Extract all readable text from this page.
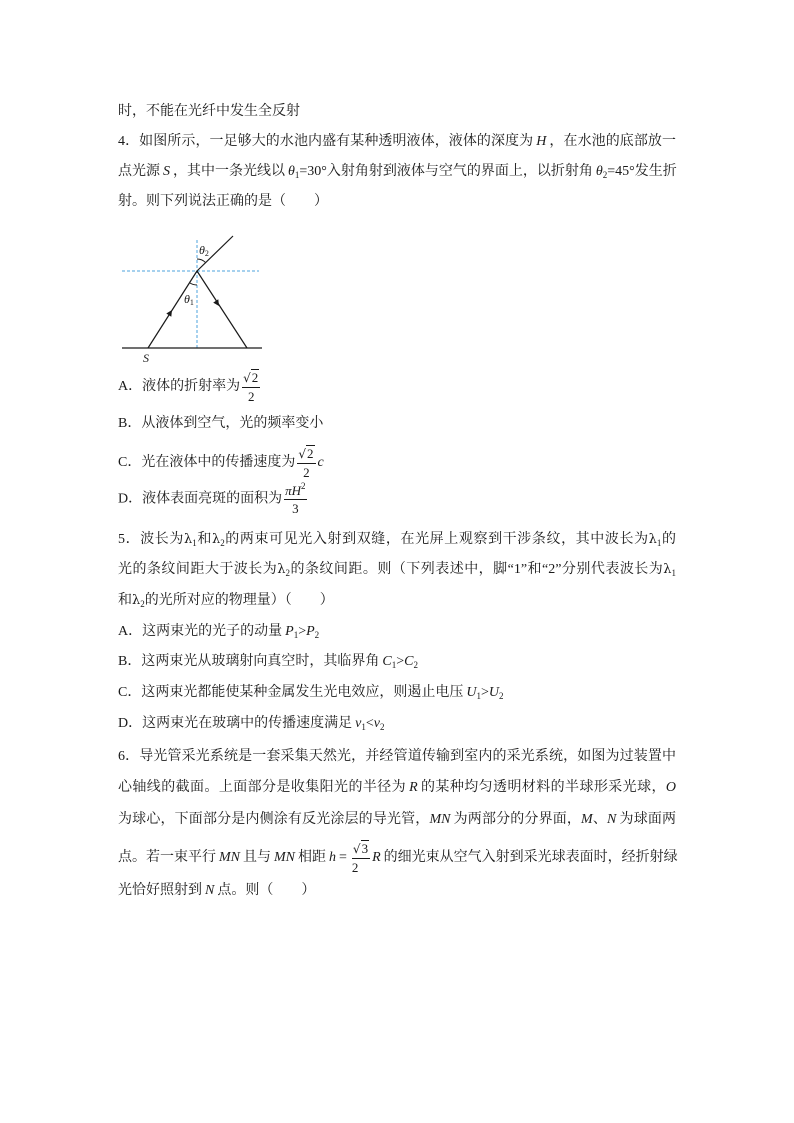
时，不能在光纤中发生全反射
4．如图所示，一足够大的水池内盛有某种透明液体，液体的深度为 H ，在水池的底部放一
点光源 S ，其中一条光线以 $\theta_1=30^\circ$入射角射到液体与空气的界面上，以折射角 $\theta_2=45^\circ$发生折
射。则下列说法正确的是（　　）
θ2
θ1
S
A．液体的折射率为 $\frac{√2}{2}$
B．从液体到空气，光的频率变小
C．光在液体中的传播速度为 $\frac{√2}{2}$ c
D．液体表面亮斑的面积为 $\frac{\pi H^2}{3}$
5．波长为$\lambda_1$和$\lambda_2$的两束可见光入射到双缝，在光屏上观察到干涉条纹，其中波长为$\lambda_1$的
光的条纹间距大于波长为$\lambda_2$的条纹间距。则（下列表述中，脚“1”和“2”分别代表波长为$\lambda_1$
和$\lambda_2$的光所对应的物理量）（　　）
A．这两束光的光子的动量 $P_1>P_2$
B．这两束光从玻璃射向真空时，其临界角 $C_1>C_2$
C．这两束光都能使某种金属发生光电效应，则遏止电压 $U_1>U_2$
D．这两束光在玻璃中的传播速度满足 $v_1<v_2$
6．导光管采光系统是一套采集天然光，并经管道传输到室内的采光系统，如图为过装置中
心轴线的截面。上面部分是收集阳光的半径为 R 的某种均匀透明材料的半球形采光球，O
为球心，下面部分是内侧涂有反光涂层的导光管，MN 为两部分的分界面，M、N 为球面两
点。若一束平行 MN 且与 MN 相距 $h = \frac{√3}{2}$ R 的细光束从空气入射到采光球表面时，经折射绿
光恰好照射到 N 点。则（　　）
